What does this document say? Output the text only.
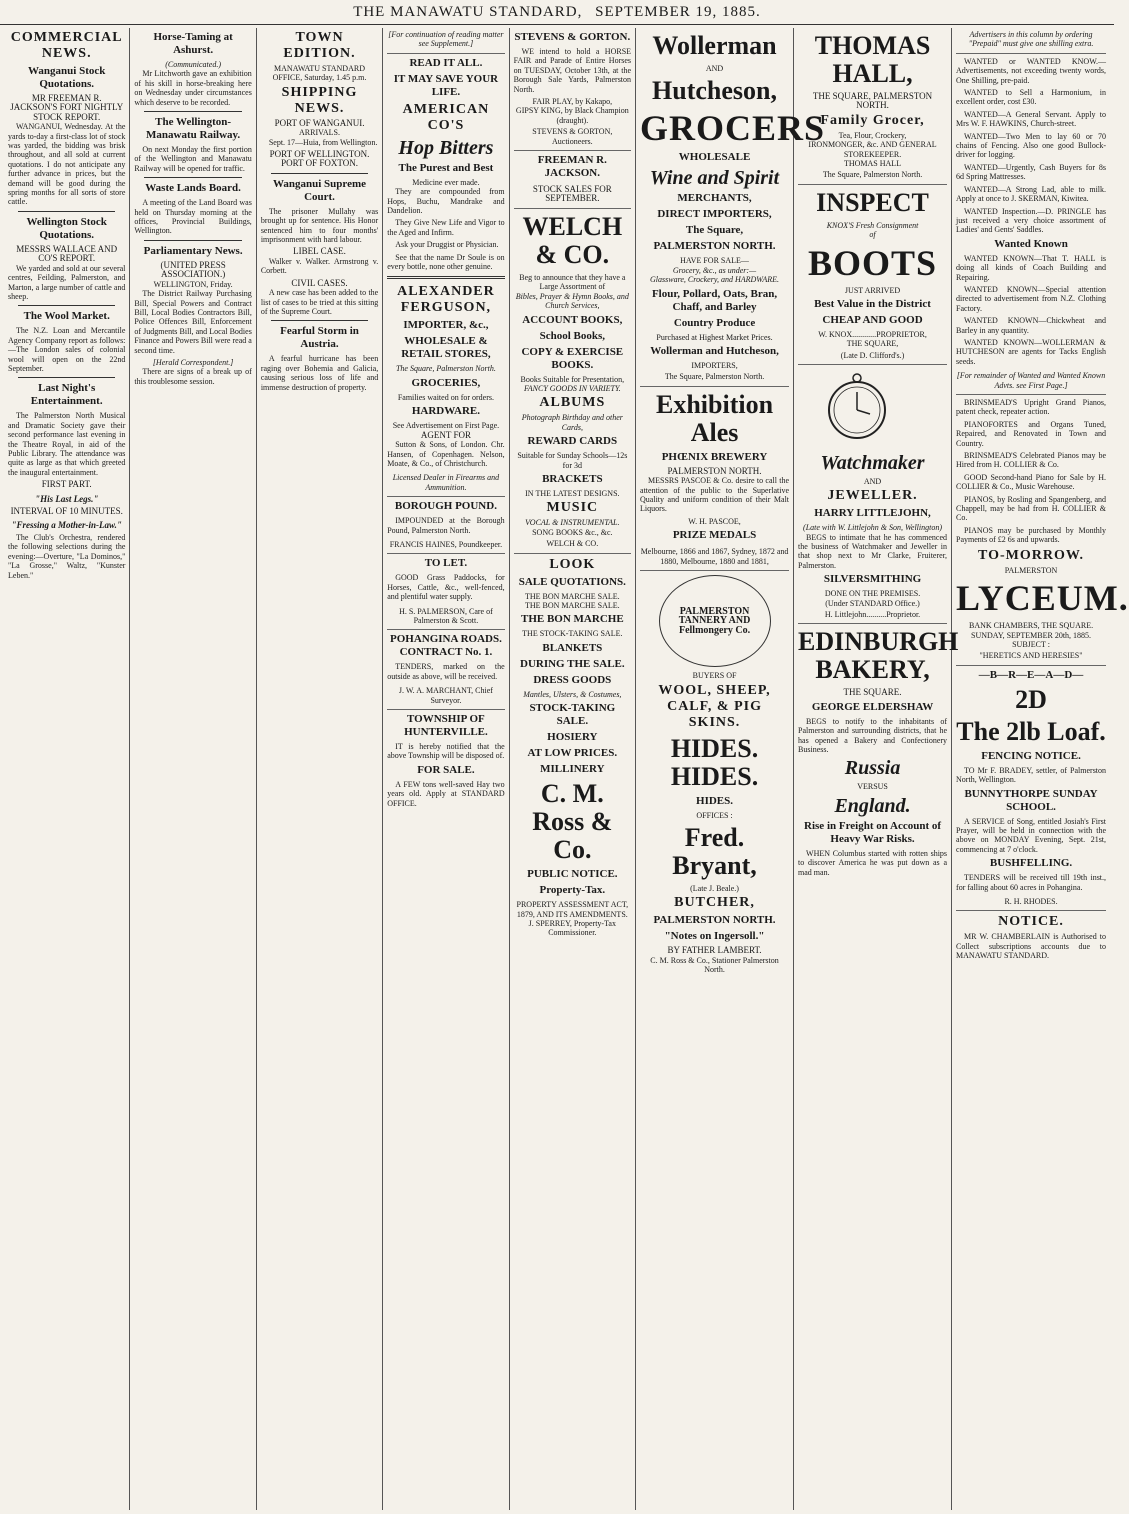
THE MANAWATU STANDARD, SEPTEMBER 19, 1885.
COMMERCIAL NEWS.
Wanganui Stock Quotations.
MR FREEMAN R. JACKSON'S FORT NIGHTLY STOCK REPORT.

WANGANUI, Wednesday. At the yards to-day a first-class lot of stock was yarded, the bidding was brisk throughout, and all sold at current quotations. I do not anticipate any further advance in prices, but the demand will be good during the spring months for all sorts of store cattle.

Wellington Stock Quotations.
MESSRS WALLACE AND CO'S REPORT.

We yarded and sold at our several centres, Feilding, Palmerston, and Marton, a large number of cattle and sheep.

The Wool Market.

The N.Z. Loan and Mercantile Agency Company report as follows:—The London sales of colonial wool will open on the 22nd September.

Last Night's Entertainment.

The Palmerston North Musical and Dramatic Society gave their second performance last evening in the Theatre Royal, in aid of the Public Library. The attendance was quite as large as that which greeted the inaugural entertainment.

FIRST PART.
"His Last Legs."
INTERVAL OF 10 MINUTES.
"Fressing a Mother-in-Law."

The Club's Orchestra, rendered the following selections during the evening:—Overture, "La Dominos," "La Grosse," Waltz, "Kunster Leben."

Horse-Taming at Ashurst.
(Communicated.)

Mr Litchworth gave an exhibition of his skill in horse-breaking here on Wednesday under circumstances which deserve to be recorded.

The Wellington-Manawatu Railway.

On next Monday the first portion of the Wellington and Manawatu Railway will be opened for traffic.

Waste Lands Board.

A meeting of the Land Board was held on Thursday morning at the offices, Provincial Buildings, Wellington.

Parliamentary News.
(UNITED PRESS ASSOCIATION.)
WELLINGTON, Friday.

The District Railway Purchasing Bill, Special Powers and Contract Bill, Local Bodies Contractors Bill, Police Offences Bill, Enforcement of Judgments Bill, and Local Bodies Finance and Powers Bill were read a second time.

[Herald Correspondent.]

There are signs of a break up of this troublesome session.

TOWN EDITION.
MANAWATU STANDARD OFFICE, Saturday, 1.45 p.m.
SHIPPING NEWS.
PORT OF WANGANUI.
ARRIVALS.

Sept. 17—Huia, from Wellington.

PORT OF WELLINGTON.
PORT OF FOXTON.
Wanganui Supreme Court.

The prisoner Mullahy was brought up for sentence. His Honor sentenced him to four months' imprisonment with hard labour.

LIBEL CASE.

Walker v. Walker. Armstrong v. Corbett.

CIVIL CASES.

A new case has been added to the list of cases to be tried at this sitting of the Supreme Court.

Fearful Storm in Austria.

A fearful hurricane has been raging over Bohemia and Galicia, causing serious loss of life and immense destruction of property.

[For continuation of reading matter see Supplement.]
READ IT ALL.
IT MAY SAVE YOUR LIFE.
AMERICAN CO'S
Hop Bitters
The Purest and Best
Medicine ever made.

They are compounded from Hops, Buchu, Mandrake and Dandelion.

They Give New Life and Vigor to the Aged and Infirm.

Ask your Druggist or Physician.

See that the name Dr Soule is on every bottle, none other genuine.

ALEXANDER FERGUSON,
IMPORTER, &c.,
WHOLESALE & RETAIL STORES,
The Square, Palmerston North.
GROCERIES,
Families waited on for orders.
HARDWARE.
See Advertisement on First Page.
AGENT FOR

Sutton & Sons, of London. Chr. Hansen, of Copenhagen. Nelson, Moate, & Co., of Christchurch.

Licensed Dealer in Firearms and Ammunition.
BOROUGH POUND.

IMPOUNDED at the Borough Pound, Palmerston North.

FRANCIS HAINES, Poundkeeper.
TO LET.

GOOD Grass Paddocks, for Horses, Cattle, &c., well-fenced, and plentiful water supply.

H. S. PALMERSON, Care of Palmerston & Scott.
POHANGINA ROADS. CONTRACT No. 1.

TENDERS, marked on the outside as above, will be received.

J. W. A. MARCHANT, Chief Surveyor.
TOWNSHIP OF HUNTERVILLE.

IT is hereby notified that the above Township will be disposed of.

FOR SALE.

A FEW tons well-saved Hay two years old. Apply at STANDARD OFFICE.

STEVENS & GORTON.

WE intend to hold a HORSE FAIR and Parade of Entire Horses on TUESDAY, October 13th, at the Borough Sale Yards, Palmerston North.

FAIR PLAY, by Kakapo,
GIPSY KING, by Black Champion (draught).
STEVENS & GORTON, Auctioneers.
FREEMAN R. JACKSON.
STOCK SALES FOR SEPTEMBER.
WELCH & CO.
Beg to announce that they have a Large Assortment of
Bibles, Prayer & Hymn Books, and Church Services,
ACCOUNT BOOKS,
School Books,
COPY & EXERCISE BOOKS.
Books Suitable for Presentation,
FANCY GOODS IN VARIETY.
ALBUMS
Photograph Birthday and other Cards,
REWARD CARDS
Suitable for Sunday Schools—12s for 3d
BRACKETS
IN THE LATEST DESIGNS.
MUSIC
VOCAL & INSTRUMENTAL.
SONG BOOKS &c., &c.
WELCH & CO.
LOOK
SALE QUOTATIONS.
THE BON MARCHE SALE.
THE BON MARCHE SALE.
THE BON MARCHE
THE STOCK-TAKING SALE.
BLANKETS
DURING THE SALE.
DRESS GOODS
Mantles, Ulsters, & Costumes,
STOCK-TAKING SALE.
HOSIERY
AT LOW PRICES.
MILLINERY
C. M. Ross & Co.
PUBLIC NOTICE.
Property-Tax.
PROPERTY ASSESSMENT ACT, 1879, AND ITS AMENDMENTS.
J. SPERREY, Property-Tax Commissioner.
Wollerman
AND
Hutcheson,
GROCERS
WHOLESALE
Wine and Spirit
MERCHANTS,
DIRECT IMPORTERS,
The Square,
PALMERSTON NORTH.
HAVE FOR SALE—
Grocery, &c., as under:—
Glassware, Crockery, and HARDWARE.
Flour, Pollard, Oats, Bran, Chaff, and Barley
Country Produce
Purchased at Highest Market Prices.
Wollerman and Hutcheson,
IMPORTERS,
The Square, Palmerston North.
Exhibition Ales
PHŒNIX BREWERY
PALMERSTON NORTH.

MESSRS PASCOE & Co. desire to call the attention of the public to the Superlative Quality and uniform condition of their Malt Liquors.

W. H. PASCOE,
PRIZE MEDALS
Melbourne, 1866 and 1867, Sydney, 1872 and 1880, Melbourne, 1880 and 1881,
PALMERSTON TANNERY AND Fellmongery Co.
BUYERS OF
WOOL, SHEEP, CALF, & PIG SKINS.
HIDES. HIDES.
HIDES.
OFFICES :
Fred. Bryant,
(Late J. Beale.)
BUTCHER,
PALMERSTON NORTH.
"Notes on Ingersoll."
BY FATHER LAMBERT.
C. M. Ross & Co., Stationer Palmerston North.
THOMAS HALL,
THE SQUARE, PALMERSTON NORTH.
Family Grocer,
Tea, Flour, Crockery,
IRONMONGER, &c. AND GENERAL STOREKEEPER.
THOMAS HALL
The Square, Palmerston North.
INSPECT
KNOX'S Fresh Consignment
of
BOOTS
JUST ARRIVED
Best Value in the District
CHEAP AND GOOD
W. KNOX............PROPRIETOR,
THE SQUARE,
(Late D. Clifford's.)
Watchmaker
AND
JEWELLER.
HARRY LITTLEJOHN,
(Late with W. Littlejohn & Son, Wellington)

BEGS to intimate that he has commenced the business of Watchmaker and Jeweller in that shop next to Mr Clarke, Fruiterer, Palmerston.

SILVERSMITHING
DONE ON THE PREMISES.
(Under STANDARD Office.)
H. Littlejohn..........Proprietor.
EDINBURGH BAKERY,
THE SQUARE.
GEORGE ELDERSHAW

BEGS to notify to the inhabitants of Palmerston and surrounding districts, that he has opened a Bakery and Confectionery Business.

Russia
VERSUS
England.
Rise in Freight on Account of Heavy War Risks.

WHEN Columbus started with rotten ships to discover America he was put down as a mad man.

Advertisers in this column by ordering "Prepaid" must give one shilling extra.

WANTED or WANTED KNOW.—Advertisements, not exceeding twenty words, One Shilling, pre-paid.

WANTED to Sell a Harmonium, in excellent order, cost £30.

WANTED—A General Servant. Apply to Mrs W. F. HAWKINS, Church-street.

WANTED—Two Men to lay 60 or 70 chains of Fencing. Also one good Bullock-driver for logging.

WANTED—Urgently, Cash Buyers for 8s 6d Spring Mattresses.

WANTED—A Strong Lad, able to milk. Apply at once to J. SKERMAN, Kiwitea.

WANTED Inspection.—D. PRINGLE has just received a very choice assortment of Ladies' and Gents' Saddles.

Wanted Known

WANTED KNOWN—That T. HALL is doing all kinds of Coach Building and Repairing.

WANTED KNOWN—Special attention directed to advertisement from N.Z. Clothing Factory.

WANTED KNOWN—Chickwheat and Barley in any quantity.

WANTED KNOWN—WOLLERMAN & HUTCHESON are agents for Tacks English seeds.

[For remainder of Wanted and Wanted Known Advts. see First Page.]

BRINSMEAD'S Upright Grand Pianos, patent check, repeater action.

PIANOFORTES and Organs Tuned, Repaired, and Renovated in Town and Country.

BRINSMEAD'S Celebrated Pianos may be Hired from H. COLLIER & Co.

GOOD Second-hand Piano for Sale by H. COLLIER & Co., Music Warehouse.

PIANOS, by Rosling and Spangenberg, and Chappell, may be had from H. COLLIER & Co.

PIANOS may be purchased by Monthly Payments of £2 6s and upwards.

TO-MORROW.
PALMERSTON
LYCEUM.
BANK CHAMBERS, THE SQUARE.
SUNDAY, SEPTEMBER 20th, 1885.
SUBJECT :
"HERETICS AND HERESIES"
—B—R—E—A—D—
2D
The 2lb Loaf.
FENCING NOTICE.

TO Mr F. BRADEY, settler, of Palmerston North, Wellington.

BUNNYTHORPE SUNDAY SCHOOL.

A SERVICE of Song, entitled Josiah's First Prayer, will be held in connection with the above on MONDAY Evening, Sept. 21st, commencing at 7 o'clock.

BUSHFELLING.

TENDERS will be received till 19th inst., for falling about 60 acres in Pohangina.

R. H. RHODES.
NOTICE.

MR W. CHAMBERLAIN is Authorised to Collect subscriptions accounts due to MANAWATU STANDARD.
